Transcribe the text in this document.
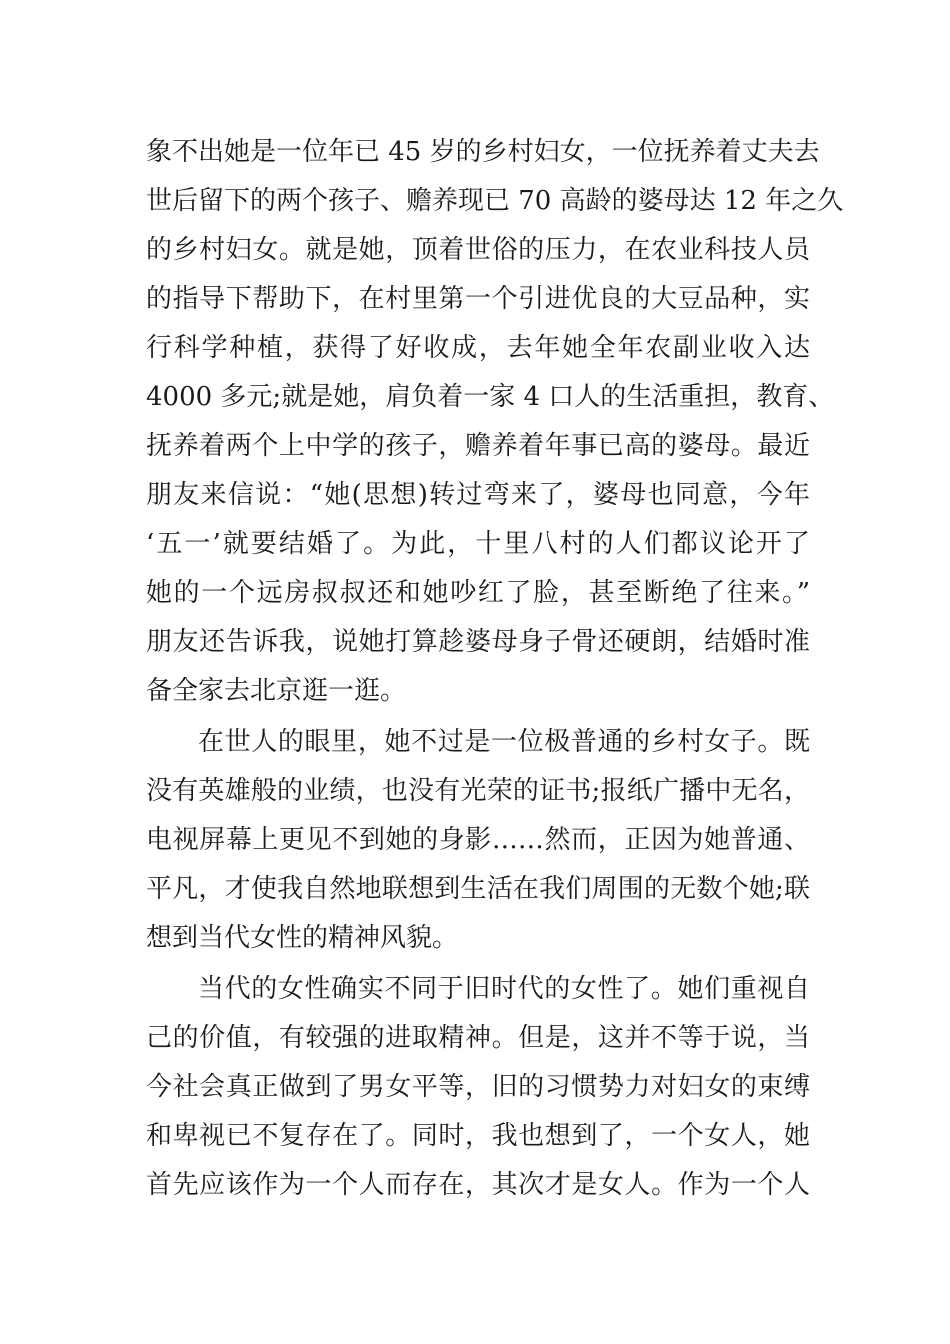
象不出她是一位年已 45 岁的乡村妇女，一位抚养着丈夫去
世后留下的两个孩子、赡养现已 70 高龄的婆母达 12 年之久
的乡村妇女。就是她，顶着世俗的压力，在农业科技人员
的指导下帮助下，在村里第一个引进优良的大豆品种，实
行科学种植，获得了好收成，去年她全年农副业收入达
4000 多元;就是她，肩负着一家 4 口人的生活重担，教育、
抚养着两个上中学的孩子，赡养着年事已高的婆母。最近
朋友来信说：“她(思想)转过弯来了，婆母也同意，今年
‘五一’就要结婚了。为此，十里八村的人们都议论开了
她的一个远房叔叔还和她吵红了脸，甚至断绝了往来。”
朋友还告诉我，说她打算趁婆母身子骨还硬朗，结婚时准
备全家去北京逛一逛。
在世人的眼里，她不过是一位极普通的乡村女子。既
没有英雄般的业绩，也没有光荣的证书;报纸广播中无名，
电视屏幕上更见不到她的身影……然而，正因为她普通、
平凡，才使我自然地联想到生活在我们周围的无数个她;联
想到当代女性的精神风貌。
当代的女性确实不同于旧时代的女性了。她们重视自
己的价值，有较强的进取精神。但是，这并不等于说，当
今社会真正做到了男女平等，旧的习惯势力对妇女的束缚
和卑视已不复存在了。同时，我也想到了，一个女人，她
首先应该作为一个人而存在，其次才是女人。作为一个人
